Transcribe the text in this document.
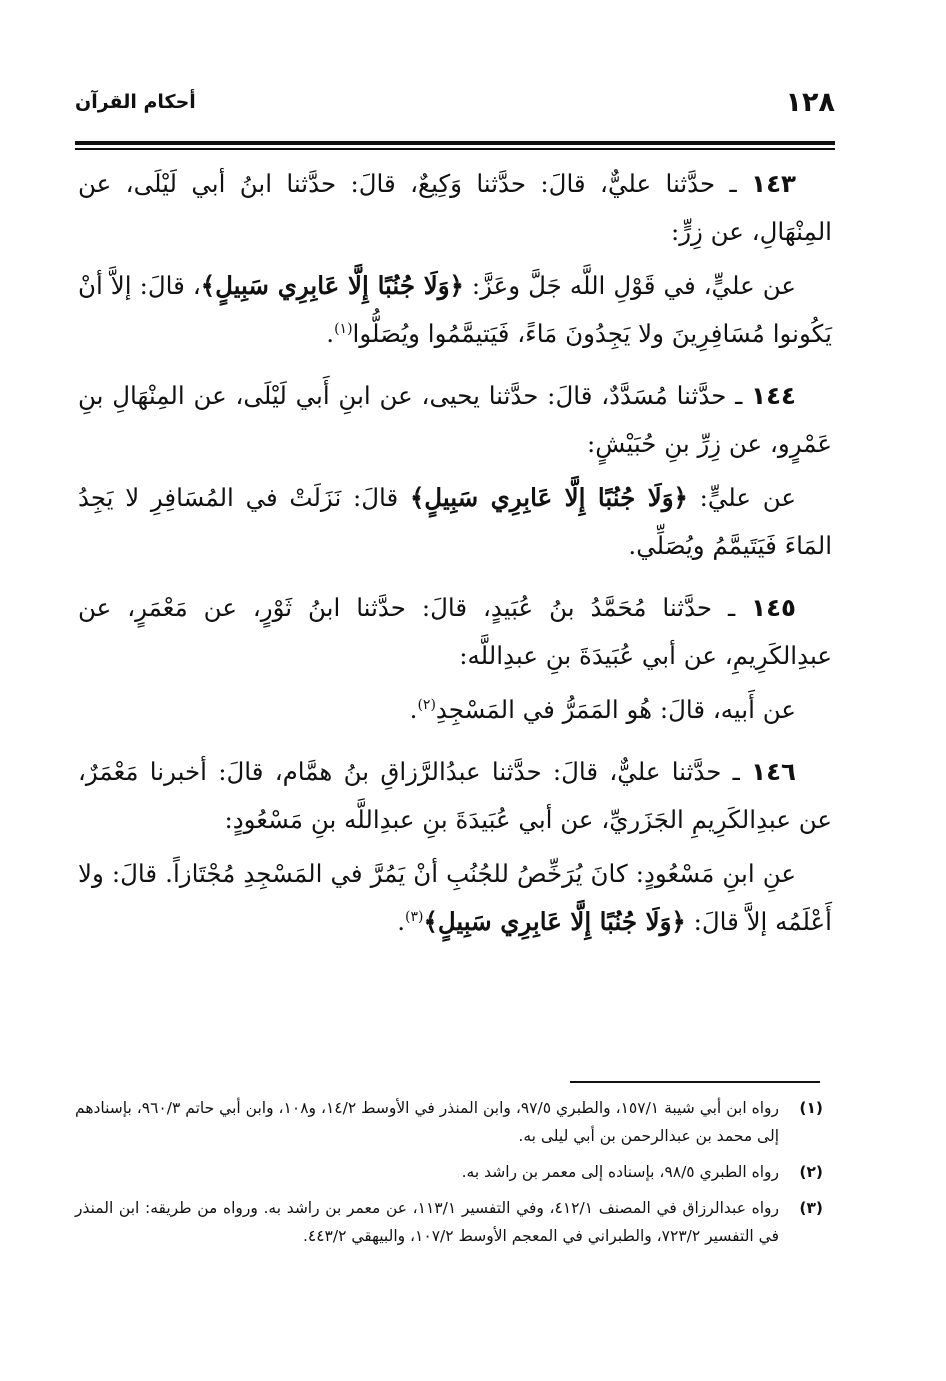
١٢٨
أحكام القرآن

١٤٣ ـ حدَّثنا عليٌّ، قالَ: حدَّثنا وَكِيعٌ، قالَ: حدَّثنا ابنُ أبي لَيْلَى، عن المِنْهَالِ، عن زِرٍّ:

عن عليٍّ، في قَوْلِ اللَّه جَلَّ وعَزَّ: ﴿وَلَا جُنُبًا إِلَّا عَابِرِي سَبِيلٍ﴾، قالَ: إلاَّ أنْ يَكُونوا مُسَافِرِينَ ولا يَجِدُونَ مَاءً، فَيَتيمَّمُوا ويُصَلُّوا$^{(١)}$.

١٤٤ ـ حدَّثنا مُسَدَّدٌ، قالَ: حدَّثنا يحيى، عن ابنِ أَبي لَيْلَى، عن المِنْهَالِ بنِ عَمْرٍو، عن زِرِّ بنِ حُبَيْشٍ:

عن عليٍّ: ﴿وَلَا جُنُبًا إِلَّا عَابِرِي سَبِيلٍ﴾ قالَ: نَزَلَتْ في المُسَافِرِ لا يَجِدُ المَاءَ فَيَتَيمَّمُ ويُصَلِّي.

١٤٥ ـ حدَّثنا مُحَمَّدُ بنُ عُبَيدٍ، قالَ: حدَّثنا ابنُ ثَوْرٍ، عن مَعْمَرٍ، عن عبدِالكَرِيمِ، عن أبي عُبَيدَةَ بنِ عبدِاللَّه:

عن أَبيه، قالَ: هُو المَمَرُّ في المَسْجِدِ$^{(٢)}$.

١٤٦ ـ حدَّثنا عليٌّ، قالَ: حدَّثنا عبدُالرَّزاقِ بنُ همَّام، قالَ: أخبرنا مَعْمَرٌ، عن عبدِالكَرِيمِ الجَزَريِّ، عن أبي عُبَيدَةَ بنِ عبدِاللَّه بنِ مَسْعُودٍ:

عنِ ابنِ مَسْعُودٍ: كانَ يُرَخِّصُ للجُنُبِ أنْ يَمُرَّ في المَسْجِدِ مُجْتَازاً. قالَ: ولا أَعْلَمُه إلاَّ قالَ: ﴿وَلَا جُنُبًا إِلَّا عَابِرِي سَبِيلٍ﴾$^{(٣)}$.

(١)
رواه ابن أبي شيبة ١٥٧/١، والطبري ٩٧/٥، وابن المنذر في الأوسط ١٤/٢، و١٠٨، وابن أبي حاتم ٩٦٠/٣، بإسنادهم إلى محمد بن عبدالرحمن بن أبي ليلى به.
(٢)
رواه الطبري ٩٨/٥، بإسناده إلى معمر بن راشد به.
(٣)
رواه عبدالرزاق في المصنف ٤١٢/١، وفي التفسير ١١٣/١، عن معمر بن راشد به. ورواه من طريقه: ابن المنذر في التفسير ٧٢٣/٢، والطبراني في المعجم الأوسط ١٠٧/٢، والبيهقي ٤٤٣/٢.
